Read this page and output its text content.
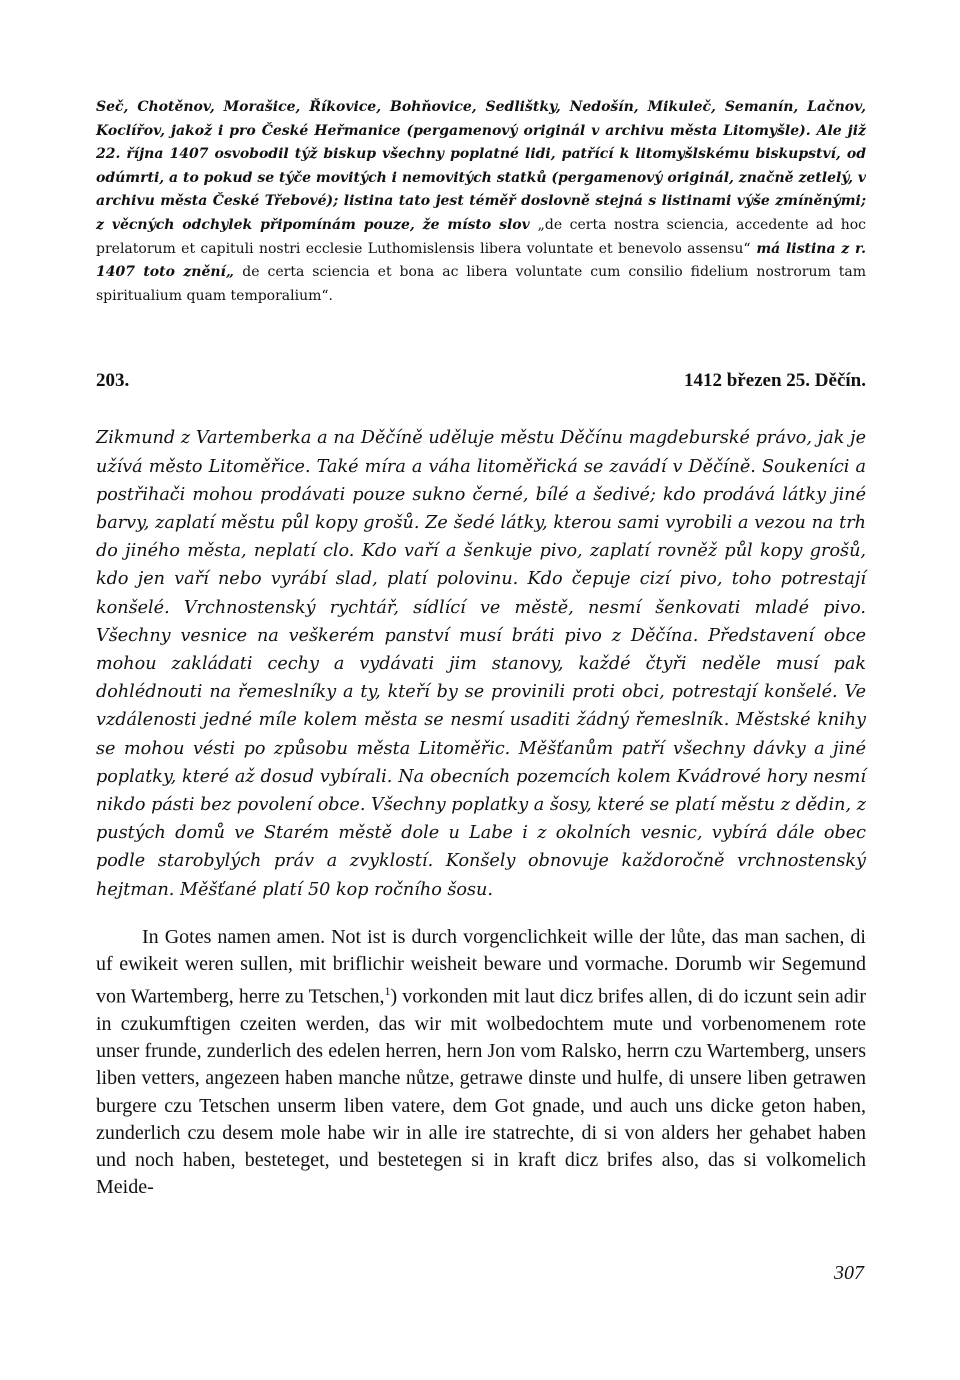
Seč, Chotěnov, Morašice, Říkovice, Bohňovice, Sedlištky, Nedošín, Mikuleč, Semanín, Lačnov, Koclířov, jakož i pro České Heřmanice (pergamenový originál v archivu města Litomyšle). Ale již 22. října 1407 osvobodil týž biskup všechny poplatné lidi, patřící k litomyšlskému biskupství, od odúmrti, a to pokud se týče movitých i nemovitých statků (pergamenový originál, značně zetlelý, v archivu města České Třebové); listina tato jest téměř doslovně stejná s listinami výše zmíněnými; z věcných odchylek připomínám pouze, že místo slov „de certa nostra sciencia, accedente ad hoc prelatorum et capituli nostri ecclesie Luthomislensis libera voluntate et benevolo assensu“ má listina z r. 1407 toto znění„ de certa sciencia et bona ac libera voluntate cum consilio fidelium nostrorum tam spiritualium quam temporalium“.

203.	1412 březen 25. Děčín.

Zikmund z Vartemberka a na Děčíně uděluje městu Děčínu magdeburské právo, jak je užívá město Litoměřice. Také míra a váha litoměřická se zavádí v Děčíně. Soukeníci a postřihači mohou prodávati pouze sukno černé, bílé a šedivé; kdo prodává látky jiné barvy, zaplatí městu půl kopy grošů. Ze šedé látky, kterou sami vyrobili a vezou na trh do jiného města, neplatí clo. Kdo vaří a šenkuje pivo, zaplatí rovněž půl kopy grošů, kdo jen vaří nebo vyrábí slad, platí polovinu. Kdo čepuje cizí pivo, toho potrestají konšelé. Vrchnostenský rychtář, sídlící ve městě, nesmí šenkovati mladé pivo. Všechny vesnice na veškerém panství musí bráti pivo z Děčína. Představení obce mohou zakládati cechy a vydávati jim stanovy, každé čtyři neděle musí pak dohlédnouti na řemeslníky a ty, kteří by se provinili proti obci, potrestají konšelé. Ve vzdálenosti jedné míle kolem města se nesmí usaditi žádný řemeslník. Městské knihy se mohou vésti po způsobu města Litoměřic. Měšťanům patří všechny dávky a jiné poplatky, které až dosud vybírali. Na obecních pozemcích kolem Kvádrové hory nesmí nikdo pásti bez povolení obce. Všechny poplatky a šosy, které se platí městu z dědin, z pustých domů ve Starém městě dole u Labe i z okolních vesnic, vybírá dále obec podle starobylých práv a zvyklostí. Konšely obnovuje každoročně vrchnostenský hejtman. Měšťané platí 50 kop ročního šosu.

In Gotes namen amen. Not ist is durch vorgenclichkeit wille der lůte, das man sachen, di uf ewikeit weren sullen, mit briflichir weisheit beware und vormache. Dorumb wir Segemund von Wartemberg, herre zu Tetschen,$^1$) vorkonden mit laut dicz brifes allen, di do iczunt sein adir in czukumftigen czeiten werden, das wir mit wolbedochtem mute und vorbenomenem rote unser frunde, zunderlich des edelen herren, hern Jon vom Ralsko, herrn czu Wartemberg, unsers liben vetters, angezeen haben manche nůtze, getrawe dinste und hulfe, di unsere liben getrawen burgere czu Tetschen unserm liben vatere, dem Got gnade, und auch uns dicke geton haben, zunderlich czu desem mole habe wir in alle ire statrechte, di si von alders her gehabet haben und noch haben, besteteget, und bestetegen si in kraft dicz brifes also, das si volkomelich Meide-

307
